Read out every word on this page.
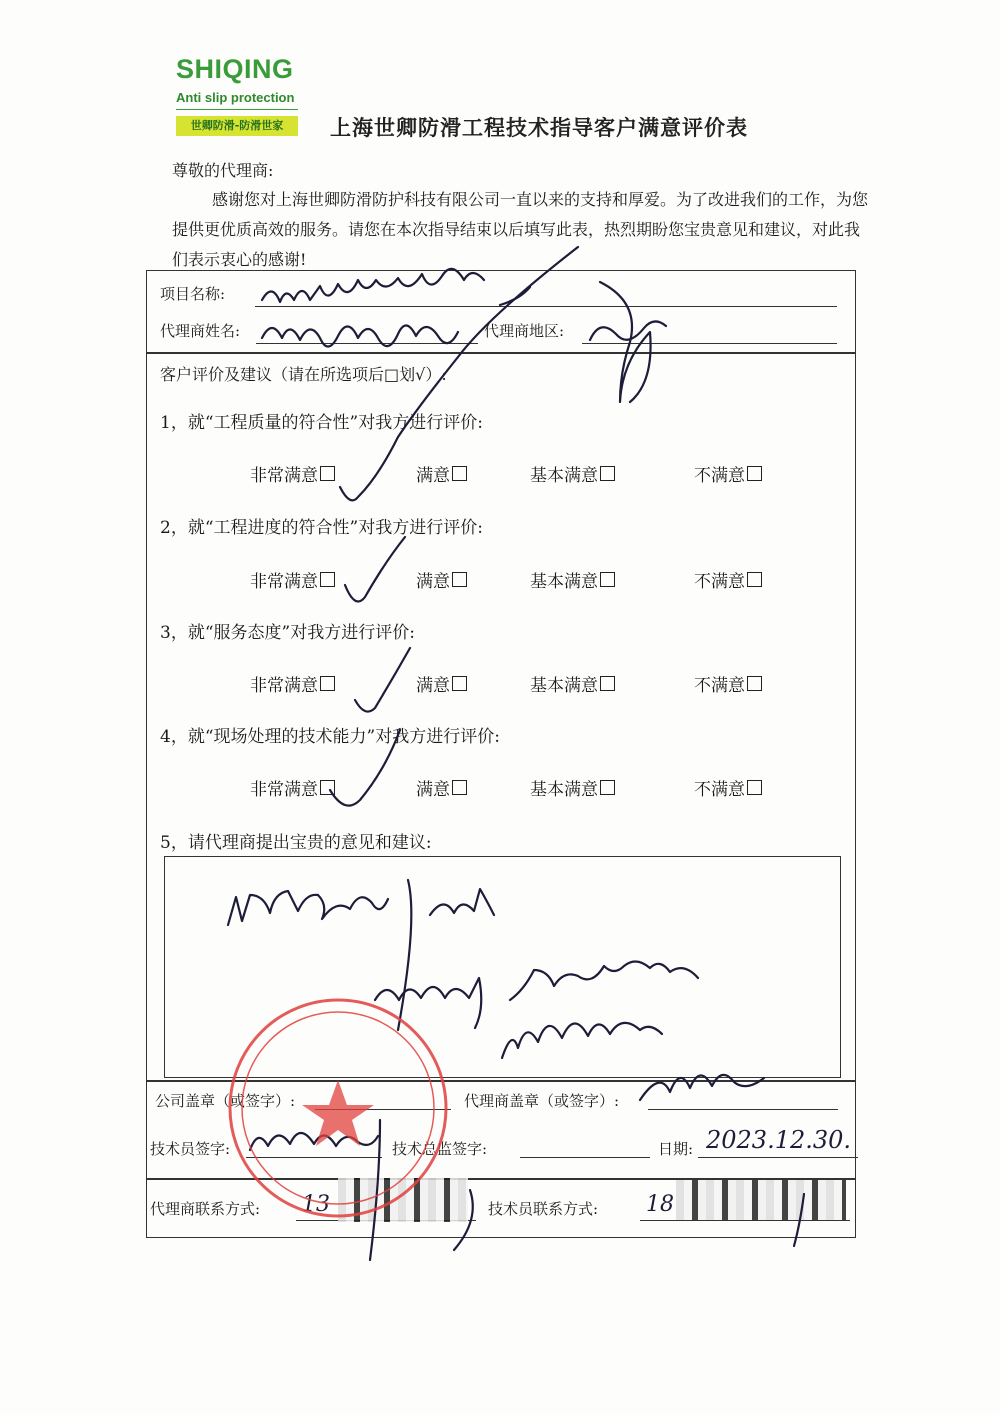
SHIQING
Anti slip protection
世卿防滑-防滑世家	上海世卿防滑工程技术指导客户满意评价表
尊敬的代理商:
感谢您对上海世卿防滑防护科技有限公司一直以来的支持和厚爱。为了改进我们的工作，为您提供更优质高效的服务。请您在本次指导结束以后填写此表，热烈期盼您宝贵意见和建议，对此我们表示衷心的感谢!
项目名称:
代理商姓名:	代理商地区:
客户评价及建议（请在所选项后□划√）:
1，就“工程质量的符合性”对我方进行评价:
2，就“工程进度的符合性”对我方进行评价:
3，就“服务态度”对我方进行评价:
4，就“现场处理的技术能力”对我方进行评价:
非常满意	满意	基本满意	不满意
非常满意	满意	基本满意	不满意
非常满意	满意	基本满意	不满意
非常满意	满意	基本满意	不满意
5，请代理商提出宝贵的意见和建议:
公司盖章（或签字）:	代理商盖章（或签字）:
技术员签字:	技术总监签字:	日期: 2023.12.30.
代理商联系方式: 13	技术员联系方式: 18
